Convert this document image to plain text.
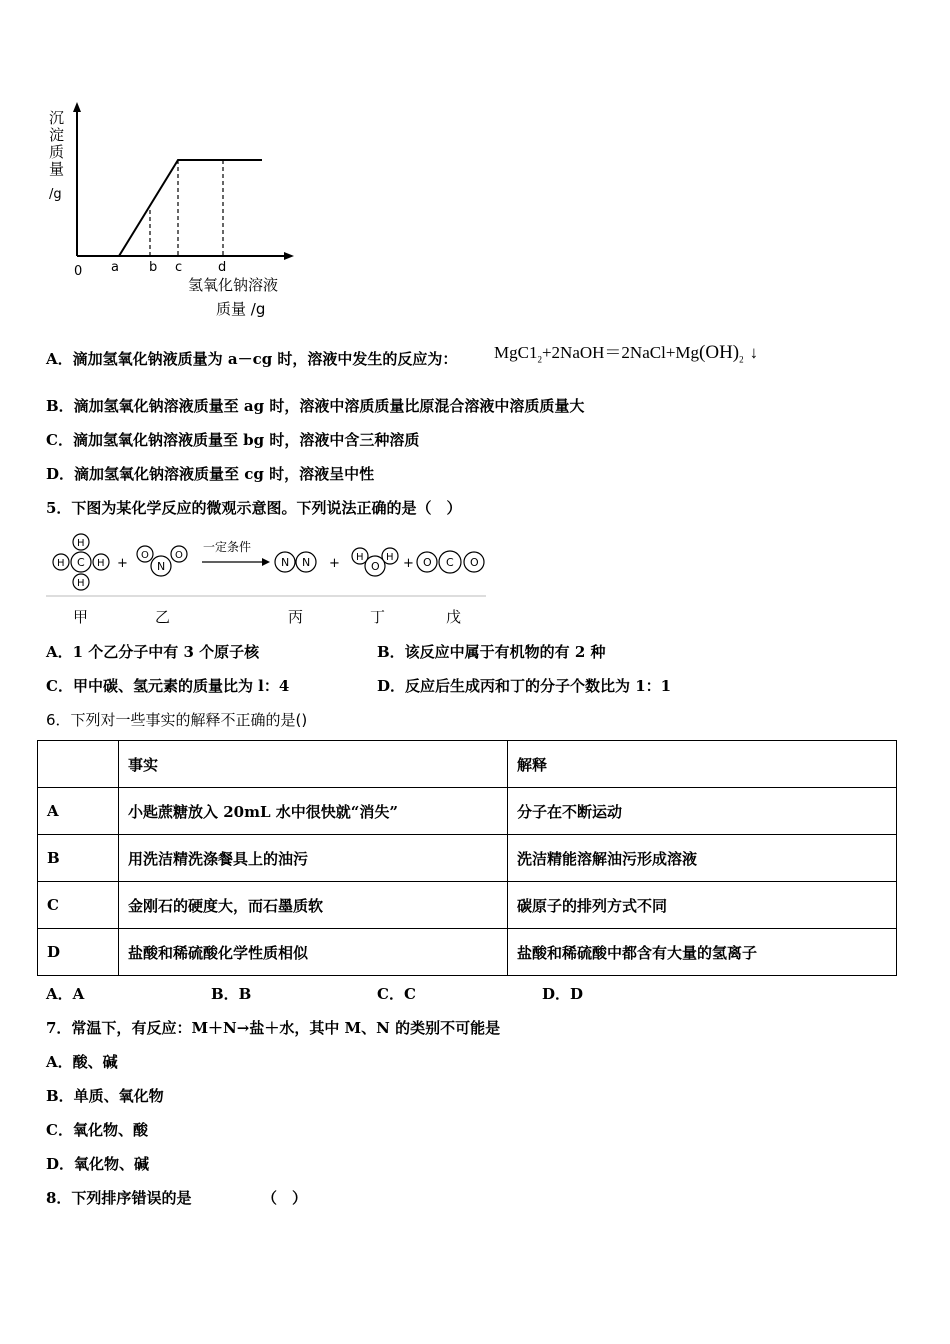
沉
淀
质
量
/g
0 a b c	d
氢氧化钠溶液
质量 /g
A．滴加氢氧化钠液质量为 a－cg 时，溶液中发生的反应为： $MgC1_2+2NaOH=2NaCl+Mg(OH)_2$ ↓
B．滴加氢氧化钠溶液质量至 ag 时，溶液中溶质质量比原混合溶液中溶质质量大
C．滴加氢氧化钠溶液质量至 bg 时，溶液中含三种溶质
D．滴加氢氧化钠溶液质量至 cg 时，溶液呈中性
5．下图为某化学反应的微观示意图。下列说法正确的是（　）
C
H
H
H	H +
O	O
N
一定条件
N N + H H
O + O C O
甲	乙	丙	丁	戊
A．1 个乙分子中有 3 个原子核	B．该反应中属于有机物的有 2 种
C．甲中碳、氢元素的质量比为 l：4	D．反应后生成丙和丁的分子个数比为 1：1
6．下列对一些事实的解释不正确的是()
	事实	解释
A	小匙蔗糖放入 20mL 水中很快就“消失”	分子在不断运动
B	用洗洁精洗涤餐具上的油污	洗洁精能溶解油污形成溶液
C	金刚石的硬度大，而石墨质软	碳原子的排列方式不同
D	盐酸和稀硫酸化学性质相似	盐酸和稀硫酸中都含有大量的氢离子
A．A	B．B	C．C	D．D
7．常温下，有反应：M＋N→盐＋水，其中 M、N 的类别不可能是
A．酸、碱
B．单质、氧化物
C．氧化物、酸
D．氧化物、碱
8．下列排序错误的是	（　）
